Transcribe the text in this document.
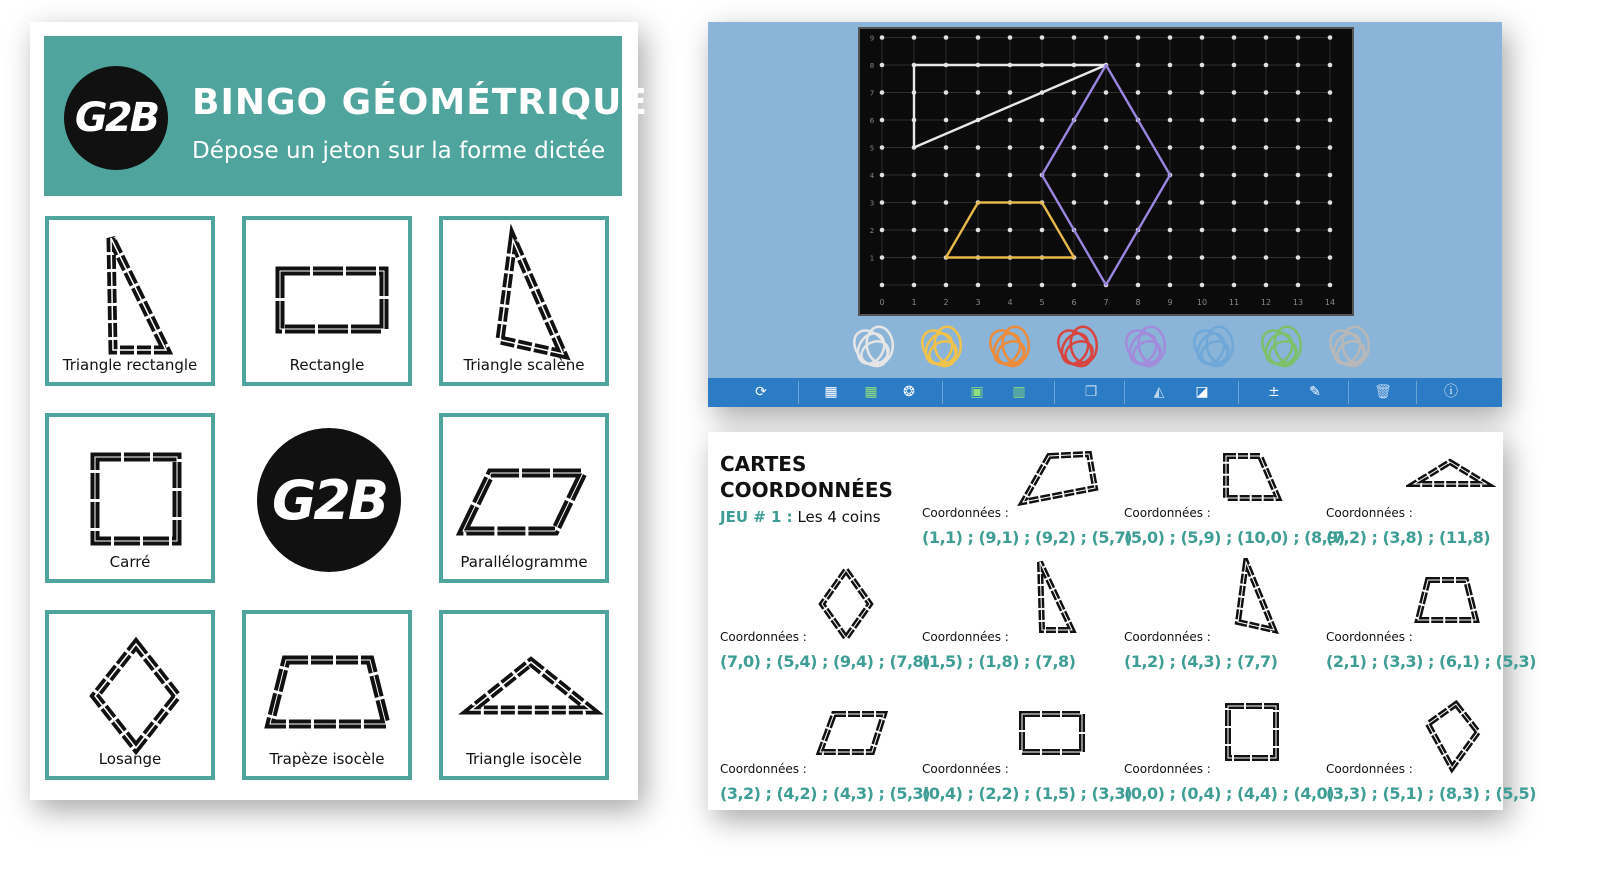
G2B BINGO GÉOMÉTRIQUE
Dépose un jeton sur la forme dictée
Triangle rectangle	Rectangle	Triangle scalène
Carré
G2B
Parallélogramme
Losange	Trapèze isocèle	Triangle isocèle
0	1	2	3	4	5	6	7	8	9	10	11	12	13	14
1
2
3
4
5
6
7
8
9
⟳	▦	▦	❂	▣	▥	❐	◭	◪	±	✎	🗑	ⓘ
CARTES
COORDONNÉES
JEU # 1 : Les 4 coins	Coordonnées :
(1,1) ; (9,1) ; (9,2) ; (5,7)
Coordonnées :
(5,0) ; (5,9) ; (10,0) ; (8,9)
Coordonnées :
(7,2) ; (3,8) ; (11,8)
Coordonnées :
(7,0) ; (5,4) ; (9,4) ; (7,8)
Coordonnées :
(1,5) ; (1,8) ; (7,8)
Coordonnées :
(1,2) ; (4,3) ; (7,7)
Coordonnées :
(2,1) ; (3,3) ; (6,1) ; (5,3)
Coordonnées :
(3,2) ; (4,2) ; (4,3) ; (5,3)
Coordonnées :
(0,4) ; (2,2) ; (1,5) ; (3,3)
Coordonnées :
(0,0) ; (0,4) ; (4,4) ; (4,0)
Coordonnées :
(3,3) ; (5,1) ; (8,3) ; (5,5)
